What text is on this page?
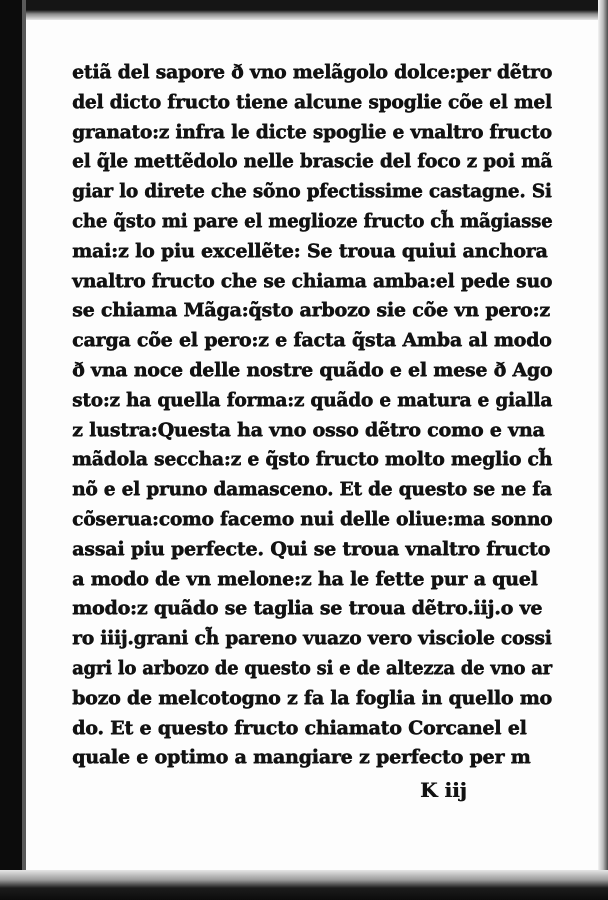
etiã del sapore ð vno melãgolo dolce:per dẽtro
del dicto fructo tiene alcune spoglie cõe el mel
granato:z infra le dicte spoglie e vnaltro fructo
el q̃le mettẽdolo nelle brascie del foco z poi mã
giar lo direte che sõno pfectissime castagne. Si
che q̃sto mi pare el meglioze fructo ch̃ mãgiasse
mai:z lo piu excellẽte: Se troua quiui anchora
vnaltro fructo che se chiama amba:el pede suo
se chiama Mãga:q̃sto arbozo sie cõe vn pero:z
carga cõe el pero:z e facta q̃sta Amba al modo
ð vna noce delle nostre quãdo e el mese ð Ago
sto:z ha quella forma:z quãdo e matura e gialla
z lustra:Questa ha vno osso dẽtro como e vna
mãdola seccha:z e q̃sto fructo molto meglio ch̃
nõ e el pruno damasceno. Et de questo se ne fa
cõserua:como facemo nui delle oliue:ma sonno
assai piu perfecte. Qui se troua vnaltro fructo
a modo de vn melone:z ha le fette pur a quel
modo:z quãdo se taglia se troua dẽtro.iij.o ve
ro iiij.grani ch̃ pareno vuazo vero visciole cossi
agri lo arbozo de questo si e de altezza de vno ar
bozo de melcotogno z fa la foglia in quello mo
do. Et e questo fructo chiamato Corcanel el
quale e optimo a mangiare z perfecto per m
K iij
